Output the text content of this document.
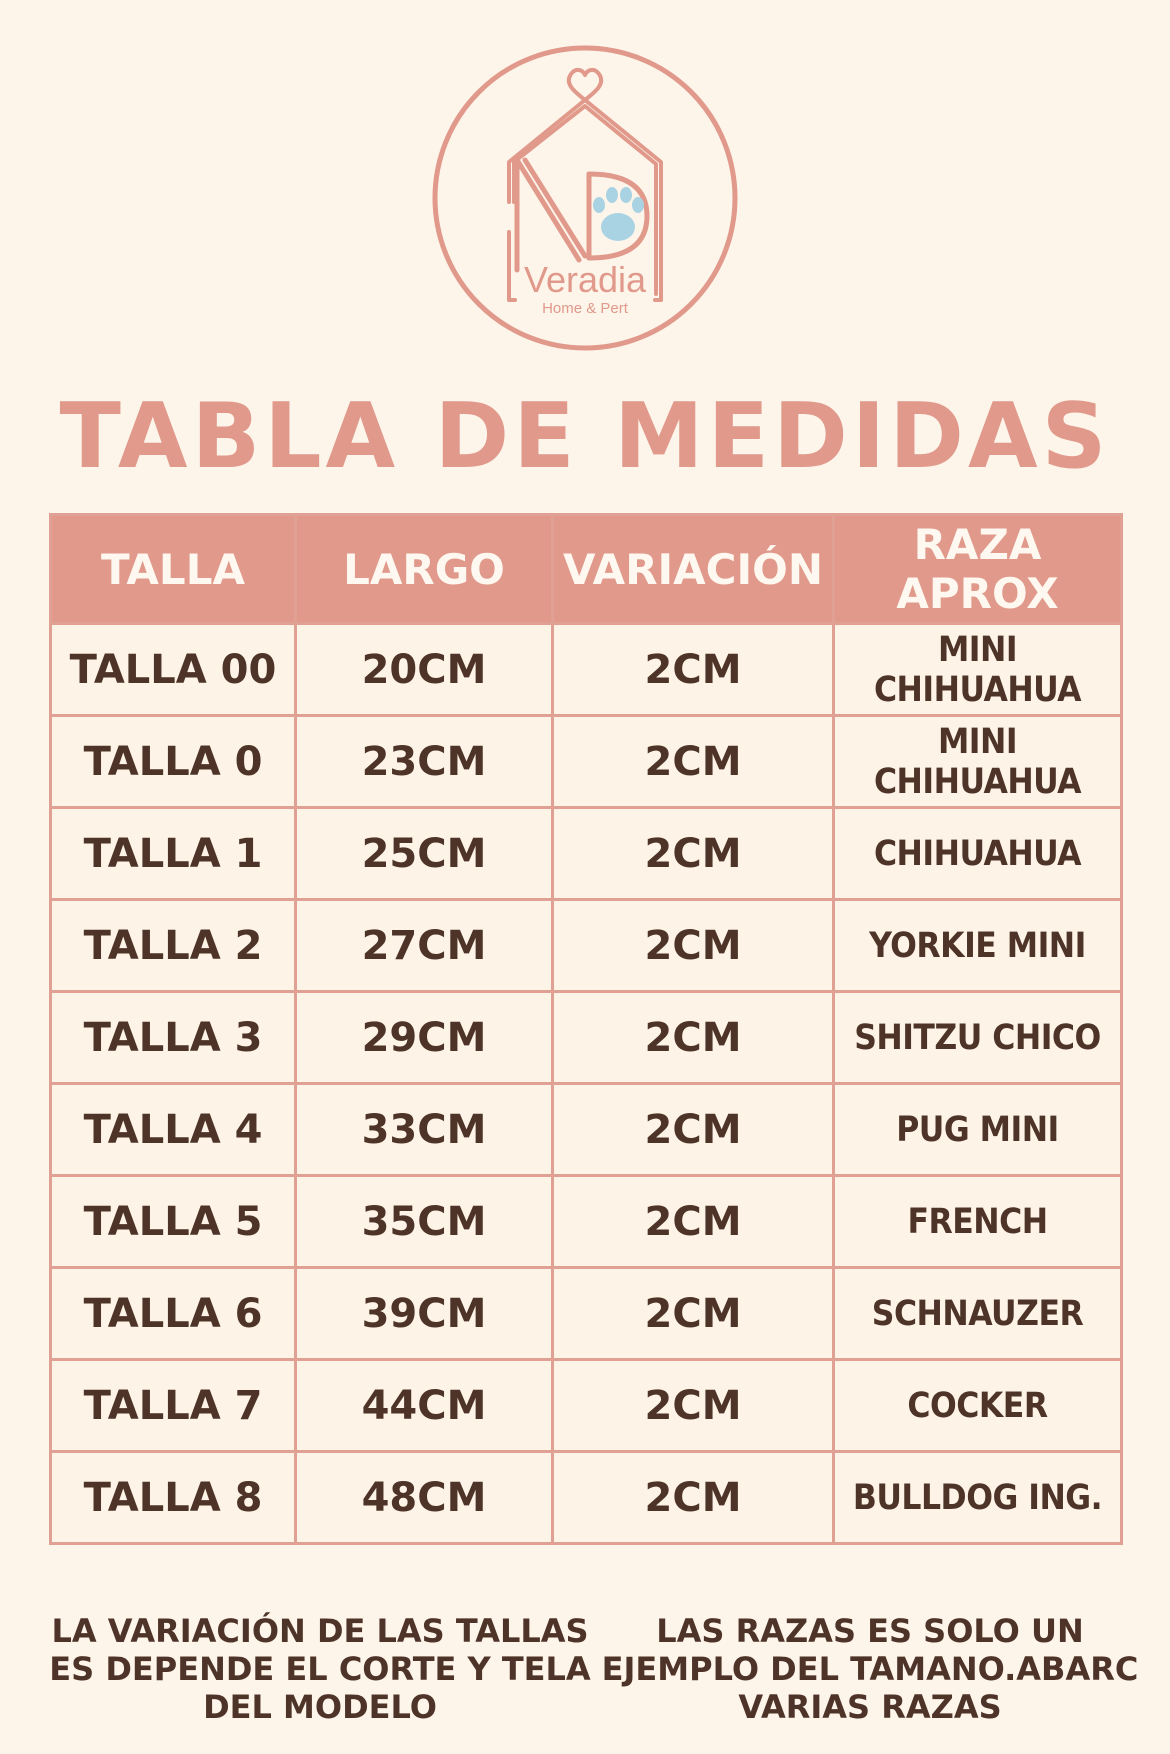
Veradia
Home & Pert
TABLA DE MEDIDAS
TALLA	LARGO	VARIACIÓN	RAZA APROX
TALLA 00	20CM	2CM	MINI CHIHUAHUA
TALLA 0	23CM	2CM	MINI CHIHUAHUA
TALLA 1	25CM	2CM	CHIHUAHUA
TALLA 2	27CM	2CM	YORKIE MINI
TALLA 3	29CM	2CM	SHITZU CHICO
TALLA 4	33CM	2CM	PUG MINI
TALLA 5	35CM	2CM	FRENCH
TALLA 6	39CM	2CM	SCHNAUZER
TALLA 7	44CM	2CM	COCKER
TALLA 8	48CM	2CM	BULLDOG ING.
LA VARIACIÓN DE LAS TALLAS
ES DEPENDE EL CORTE Y TELA
DEL MODELO
LAS RAZAS ES SOLO UN
EJEMPLO DEL TAMANO.ABARC
VARIAS RAZAS
